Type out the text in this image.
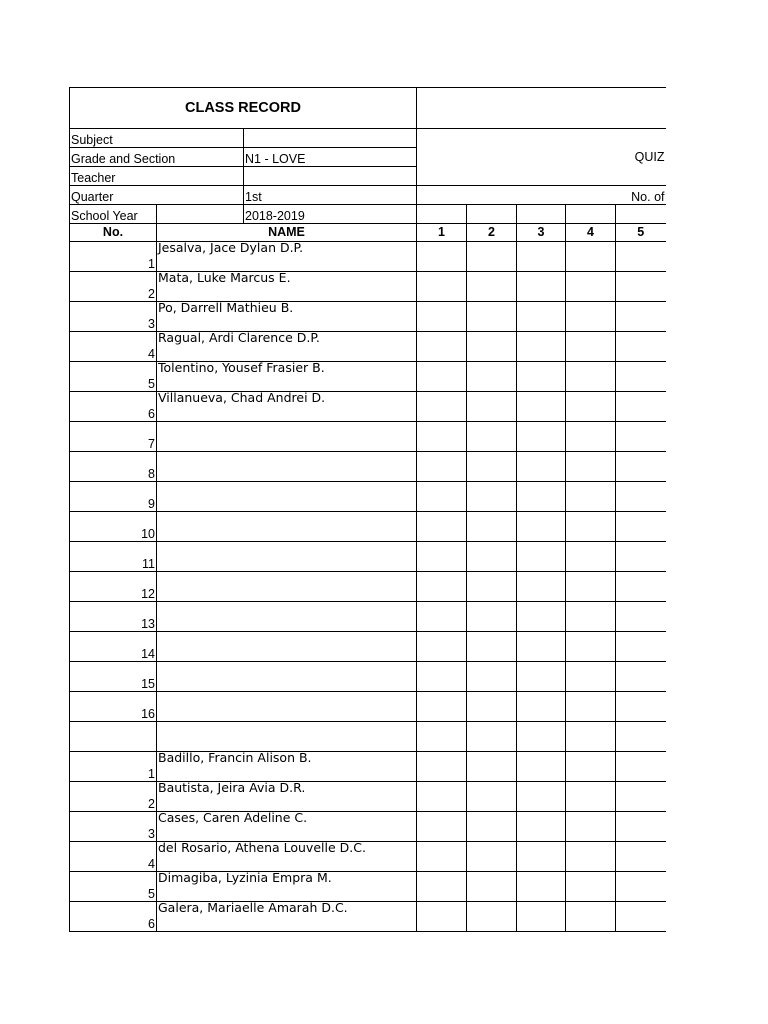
CLASS RECORD							
Subject			QUIZ				
Grade and Section		N1 - LOVE					
Teacher							
Quarter		1st	No. of				
School Year		2018-2019					
No.	NAME		1	2	3	4	5
1	Jesalva, Jace Dylan D.P.						
2	Mata, Luke Marcus E.						
3	Po, Darrell Mathieu B.						
4	Ragual, Ardi Clarence D.P.						
5	Tolentino, Yousef Frasier B.						
6	Villanueva, Chad Andrei D.						
7							
8							
9							
10							
11							
12							
13							
14							
15							
16							

1	Badillo, Francin Alison B.						
2	Bautista, Jeira Avia D.R.						
3	Cases, Caren Adeline C.						
4	del Rosario, Athena Louvelle D.C.						
5	Dimagiba, Lyzinia Empra M.						
6	Galera, Mariaelle Amarah D.C.						
